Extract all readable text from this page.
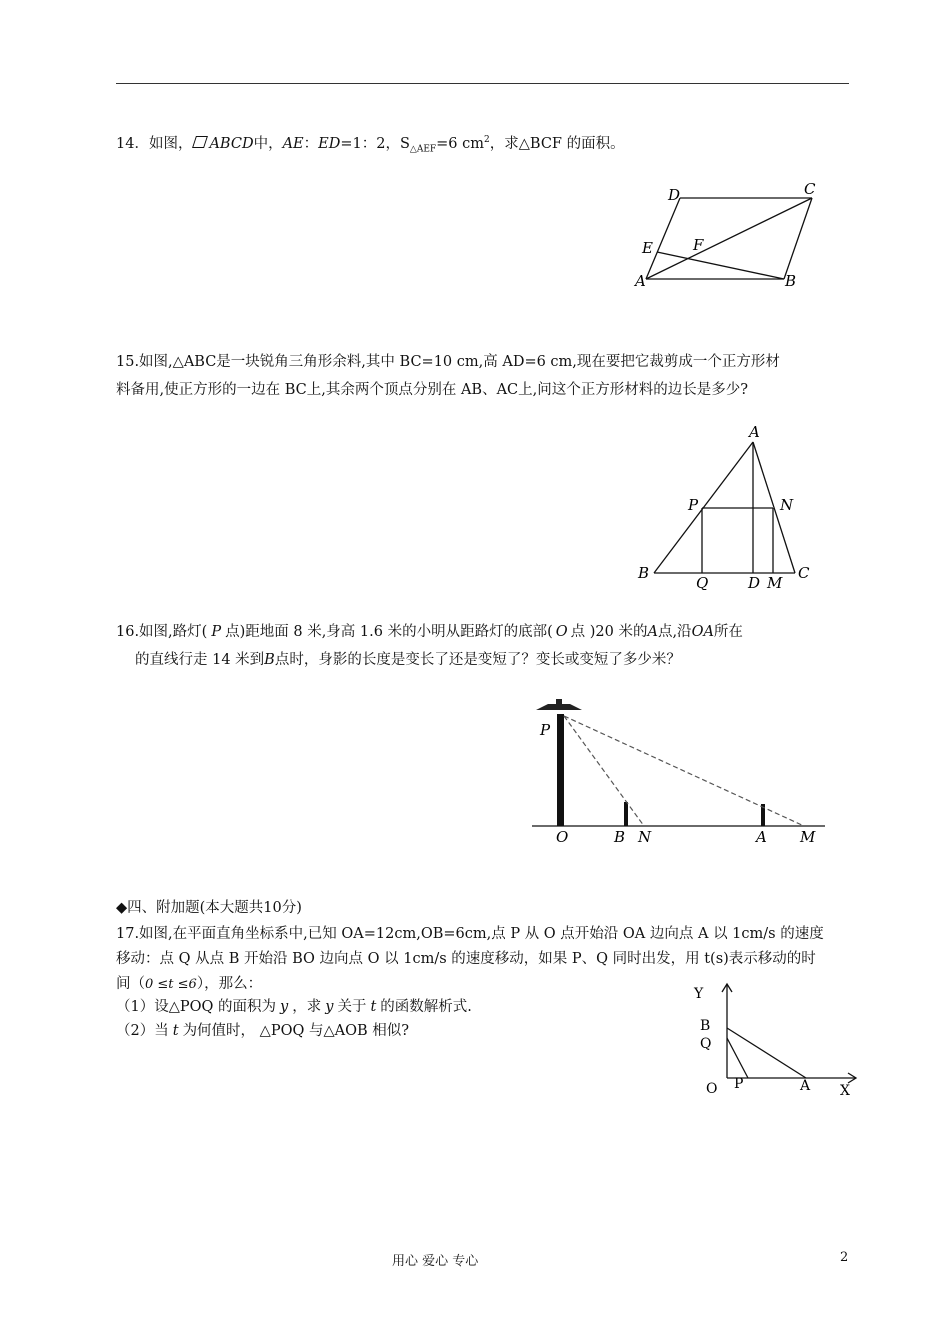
14．如图， ABCD中，AE：ED=1：2，$S_{\triangle AEF}=6$ $cm^2$，求△BCF 的面积。
A	B
C
D
E	F
15.如图,△ABC是一块锐角三角形余料,其中 BC=10 cm,高 AD=6 cm,现在要把它裁剪成一个正方形材
料备用,使正方形的一边在 BC上,其余两个顶点分别在 AB、AC上,问这个正方形材料的边长是多少?
A
B	C
P	N
Q	D M
16.如图,路灯( P 点)距地面 8 米,身高 1.6 米的小明从距路灯的底部( O 点 )20 米的A点,沿OA所在
的直线行走 14 米到B点时，身影的长度是变长了还是变短了？变长或变短了多少米？
P
O	B N	A M
◆四、附加题(本大题共10分)
17.如图,在平面直角坐标系中,已知 OA=12cm,OB=6cm,点 P 从 O 点开始沿 OA 边向点 A 以 1cm/s 的速度
移动：点 Q 从点 B 开始沿 BO 边向点 O 以 1cm/s 的速度移动，如果 P、Q 同时出发，用 t(s)表示移动的时
间（0 ≤t ≤6），那么：
（1）设△POQ 的面积为 y ，求 y 关于 t 的函数解析式.
（2）当 t 为何值时， △POQ 与△AOB 相似?
Y
B
Q
O P	A X
用心 爱心 专心	2
